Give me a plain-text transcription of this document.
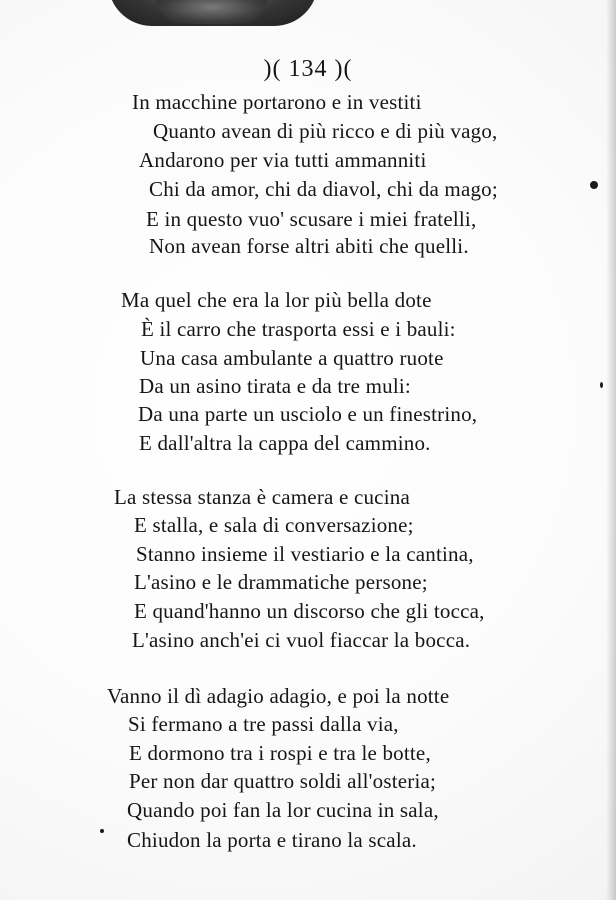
)( 134 )(
In macchine portarono e in vestiti
Quanto avean di più ricco e di più vago,
Andarono per via tutti ammanniti
Chi da amor, chi da diavol, chi da mago;
E in questo vuo' scusare i miei fratelli,
Non avean forse altri abiti che quelli.
Ma quel che era la lor più bella dote
È il carro che trasporta essi e i bauli:
Una casa ambulante a quattro ruote
Da un asino tirata e da tre muli:
Da una parte un usciolo e un finestrino,
E dall'altra la cappa del cammino.
La stessa stanza è camera e cucina
E stalla, e sala di conversazione;
Stanno insieme il vestiario e la cantina,
L'asino e le drammatiche persone;
E quand'hanno un discorso che gli tocca,
L'asino anch'ei ci vuol fiaccar la bocca.
Vanno il dì adagio adagio, e poi la notte
Si fermano a tre passi dalla via,
E dormono tra i rospi e tra le botte,
Per non dar quattro soldi all'osteria;
Quando poi fan la lor cucina in sala,
Chiudon la porta e tirano la scala.
